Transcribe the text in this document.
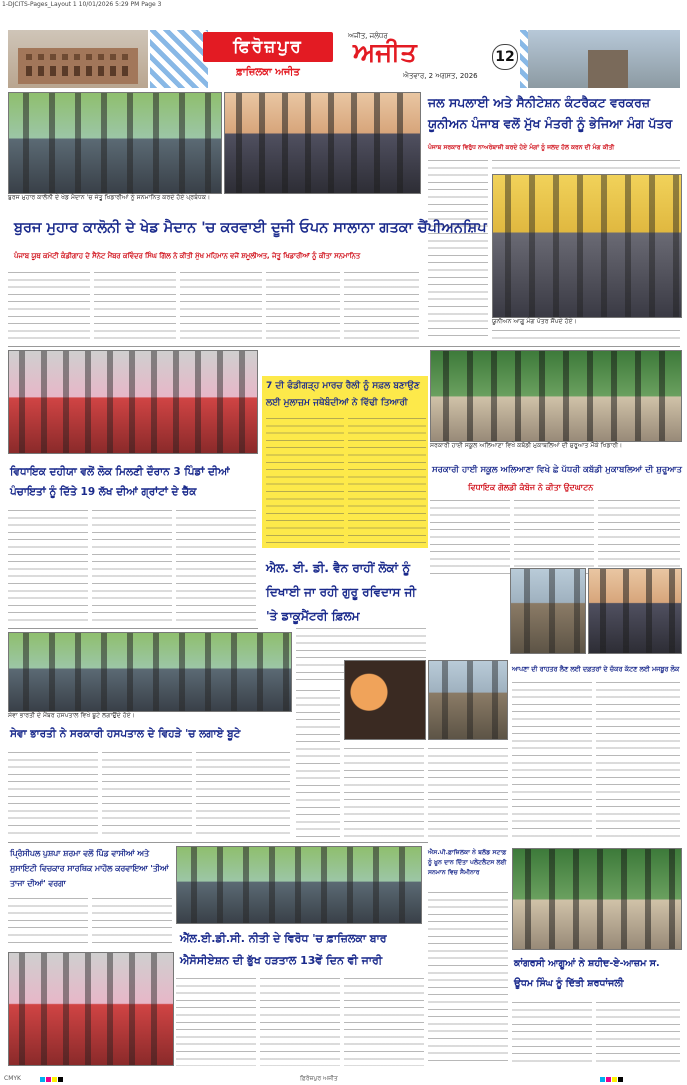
1-DJCITS-Pages_Layout 1 10/01/2026 5:29 PM Page 3
ਫਿਰੋਜ਼ਪੁਰ
ਫ਼ਾਜ਼ਿਲਕਾ ਅਜੀਤ
ਅਜੀਤ, ਜਲੰਧਰ
ਅਜੀਤ
ਐਤਵਾਰ, 2 ਅਗਸਤ, 2026
12
ਬੁਰਜ ਮੁਹਾਰ ਕਾਲੋਨੀ ਦੇ ਖੇਡ ਮੈਦਾਨ 'ਚ ਜੇਤੂ ਖਿਡਾਰੀਆਂ ਨੂੰ ਸਨਮਾਨਿਤ ਕਰਦੇ ਹੋਏ ਪ੍ਰਬੰਧਕ।
ਬੁਰਜ ਮੁਹਾਰ ਕਾਲੋਨੀ ਦੇ ਖੇਡ ਮੈਦਾਨ 'ਚ ਕਰਵਾਈ ਦੂਜੀ ਓਪਨ ਸਾਲਾਨਾ ਗਤਕਾ ਚੈਂਪੀਅਨਸ਼ਿਪ
ਪੰਜਾਬ ਯੂਥ ਕਮੇਟੀ ਕੰਡੀਗਾਹ ਦੇ ਸੈਨੇਟ ਮੈਂਬਰ ਕਵਿੰਦਰ ਸਿੰਘ ਗਿੱਲ ਨੇ ਕੀਤੀ ਮੁੱਖ ਮਹਿਮਾਨ ਵਜੋਂ ਸ਼ਮੂਲੀਅਤ, ਜੇਤੂ ਖਿਡਾਰੀਆਂ ਨੂੰ ਕੀਤਾ ਸਨਮਾਨਿਤ
ਜਲ ਸਪਲਾਈ ਅਤੇ ਸੈਨੀਟੇਸ਼ਨ ਕੰਟਰੈਕਟ ਵਰਕਰਜ਼ ਯੂਨੀਅਨ ਪੰਜਾਬ ਵਲੋਂ ਮੁੱਖ ਮੰਤਰੀ ਨੂੰ ਭੇਜਿਆ ਮੰਗ ਪੱਤਰ
ਪੰਜਾਬ ਸਰਕਾਰ ਵਿਰੁੱਧ ਨਾਅਰੇਬਾਜ਼ੀ ਕਰਦੇ ਹੋਏ ਮੰਗਾਂ ਨੂੰ ਜਲਦ ਹੱਲ ਕਰਨ ਦੀ ਮੰਗ ਕੀਤੀ
ਯੂਨੀਅਨ ਆਗੂ ਮੰਗ ਪੱਤਰ ਸੌਂਪਦੇ ਹੋਏ।
7 ਦੀ ਫੰਡੀਗੜ੍ਹ ਮਾਰਚ ਰੈਲੀ ਨੂੰ ਸਫ਼ਲ ਬਣਾਉਣ ਲਈ ਮੁਲਾਜ਼ਮ ਜਥੇਬੰਦੀਆਂ ਨੇ ਵਿੱਢੀ ਤਿਆਰੀ
ਸਰਕਾਰੀ ਹਾਈ ਸਕੂਲ ਅਲਿਆਣਾ ਵਿਖੇ ਕਬੱਡੀ ਮੁਕਾਬਲਿਆਂ ਦੀ ਸ਼ੁਰੂਆਤ ਮੌਕੇ ਖਿਡਾਰੀ।
ਸਰਕਾਰੀ ਹਾਈ ਸਕੂਲ ਅਲਿਆਣਾ ਵਿਖੇ ਛੇ ਪੱਧਰੀ ਕਬੱਡੀ ਮੁਕਾਬਲਿਆਂ ਦੀ ਸ਼ੁਰੂਆਤ
ਵਿਧਾਇਕ ਗੋਲਡੀ ਕੰਬੋਜ ਨੇ ਕੀਤਾ ਉਦਘਾਟਨ
ਵਿਧਾਇਕ ਦਹੀਯਾ ਵਲੋਂ ਲੋਕ ਮਿਲਣੀ ਦੌਰਾਨ 3 ਪਿੰਡਾਂ ਦੀਆਂ ਪੰਚਾਇਤਾਂ ਨੂੰ ਦਿੱਤੇ 19 ਲੱਖ ਦੀਆਂ ਗ੍ਰਾਂਟਾਂ ਦੇ ਚੈੱਕ
ਐਲ. ਈ. ਡੀ. ਵੈਨ ਰਾਹੀਂ ਲੋਕਾਂ ਨੂੰ ਦਿਖਾਈ ਜਾ ਰਹੀ ਗੁਰੂ ਰਵਿਦਾਸ ਜੀ 'ਤੇ ਡਾਕੂਮੈਂਟਰੀ ਫ਼ਿਲਮ
ਸੇਵਾ ਭਾਰਤੀ ਦੇ ਮੈਂਬਰ ਹਸਪਤਾਲ ਵਿਖੇ ਬੂਟੇ ਲਗਾਉਂਦੇ ਹੋਏ।
ਸੇਵਾ ਭਾਰਤੀ ਨੇ ਸਰਕਾਰੀ ਹਸਪਤਾਲ ਦੇ ਵਿਹੜੇ 'ਚ ਲਗਾਏ ਬੂਟੇ
ਆਪਣਾ ਦੀ ਰਾਹਤਰ ਲੈਣ ਲਈ ਦਫ਼ਤਰਾਂ ਦੇ ਚੱਕਰ ਕੱਟਣ ਲਈ ਮਜਬੂਰ ਲੋਕ
ਪ੍ਰਿੰਸੀਪਲ ਪੁਸ਼ਪਾ ਸ਼ਰਮਾ ਵਲੋਂ ਪਿੰਡ ਵਾਸੀਆਂ ਅਤੇ ਸੁਸਾਇਟੀ ਵਿਚਕਾਰ ਸਾਰਥਿਕ ਮਾਹੌਲ ਕਰਵਾਇਆ 'ਤੀਆਂ ਤਾਜਾ ਦੀਆਂ' ਵਰਗਾ
ਐੱਲ.ਈ.ਡੀ.ਸੀ. ਨੀਤੀ ਦੇ ਵਿਰੋਧ 'ਚ ਫ਼ਾਜ਼ਿਲਕਾ ਬਾਰ ਐਸੋਸੀਏਸ਼ਨ ਦੀ ਭੁੱਖ ਹੜਤਾਲ 13ਵੇਂ ਦਿਨ ਵੀ ਜਾਰੀ
ਐਸ.ਪੀ.ਫ਼ਾਜ਼ਿਲਕਾ ਨੇ ਬਲੱਡ ਸਟਾਫ਼ ਨੂੰ ਖ਼ੂਨ ਦਾਨ ਦਿੱਤਾ ਪਲੇਟਲੈਟਸ ਲਈ ਸਨਮਾਨ ਵਿਚ ਸੈਮੀਨਾਰ
ਕਾਂਗਰਸੀ ਆਗੂਆਂ ਨੇ ਸ਼ਹੀਦ-ਏ-ਆਜ਼ਮ ਸ. ਊਧਮ ਸਿੰਘ ਨੂੰ ਦਿੱਤੀ ਸ਼ਰਧਾਂਜਲੀ
CMYK	ਫ਼ਿਰੋਜ਼ਪੁਰ ਅਜੀਤ
